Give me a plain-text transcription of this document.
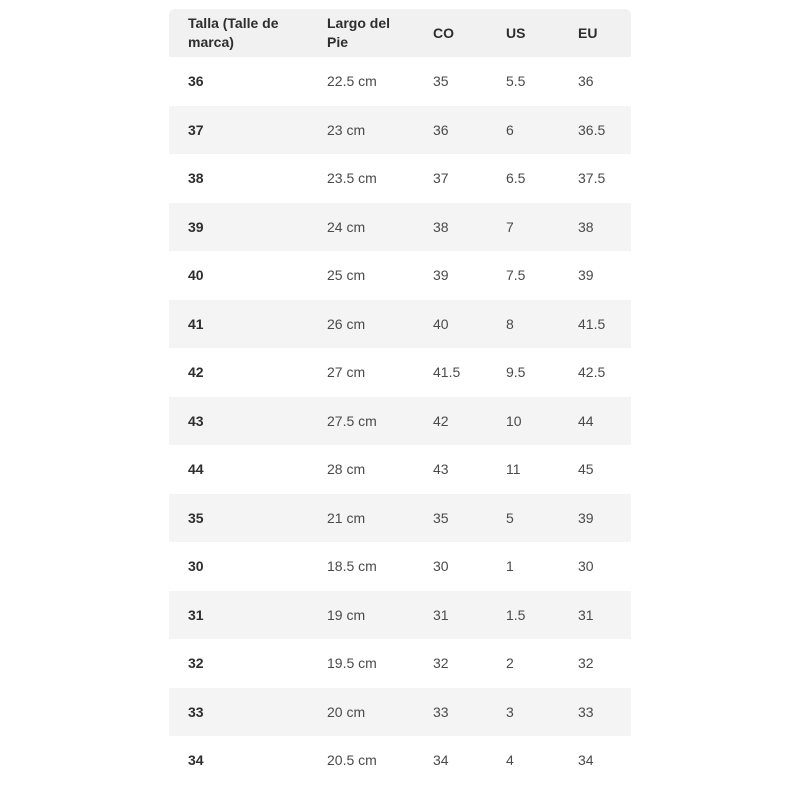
Talla (Talle de marca)	Largo del Pie	CO	US	EU
36	22.5 cm	35	5.5	36
37	23 cm	36	6	36.5
38	23.5 cm	37	6.5	37.5
39	24 cm	38	7	38
40	25 cm	39	7.5	39
41	26 cm	40	8	41.5
42	27 cm	41.5	9.5	42.5
43	27.5 cm	42	10	44
44	28 cm	43	11	45
35	21 cm	35	5	39
30	18.5 cm	30	1	30
31	19 cm	31	1.5	31
32	19.5 cm	32	2	32
33	20 cm	33	3	33
34	20.5 cm	34	4	34
